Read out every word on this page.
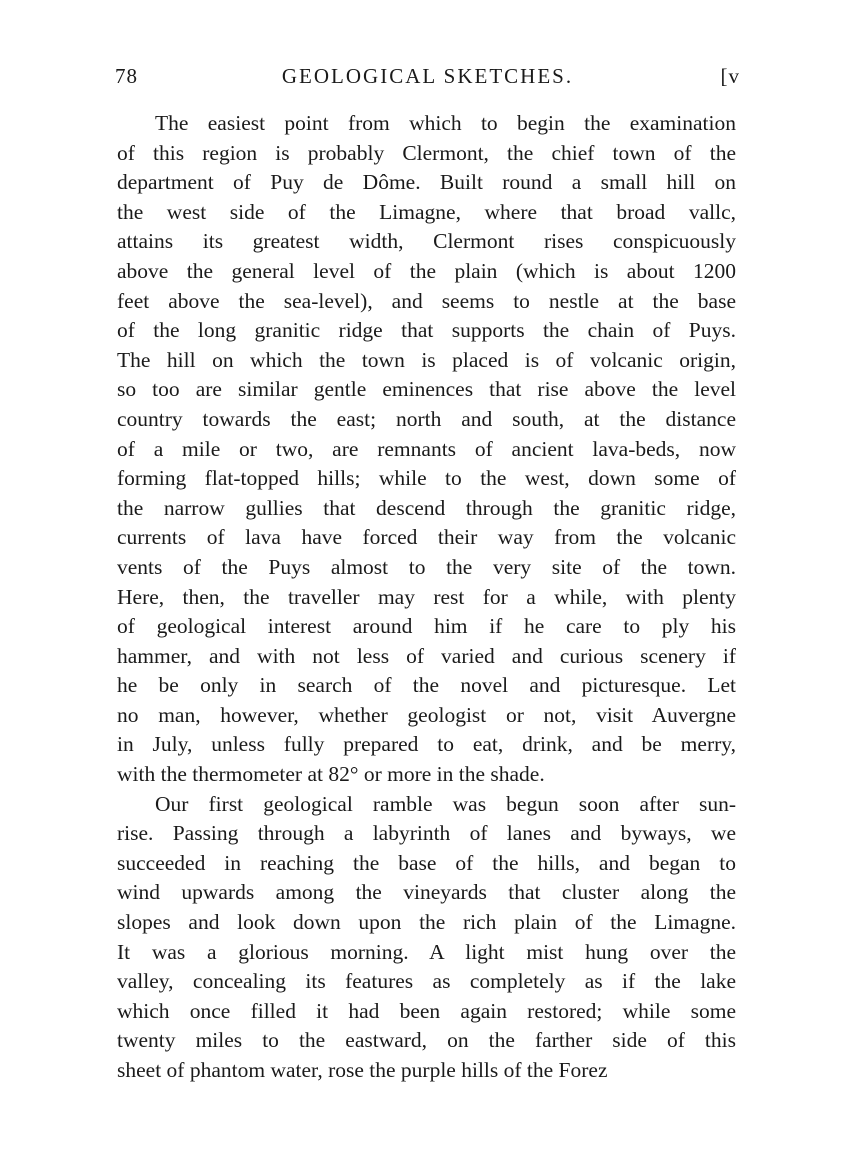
78	GEOLOGICAL SKETCHES.	[v
The easiest point from which to begin the examination
of this region is probably Clermont, the chief town of the
department of Puy de Dôme. Built round a small hill on
the west side of the Limagne, where that broad vallc,
attains its greatest width, Clermont rises conspicuously
above the general level of the plain (which is about 1200
feet above the sea-level), and seems to nestle at the base
of the long granitic ridge that supports the chain of Puys.
The hill on which the town is placed is of volcanic origin,
so too are similar gentle eminences that rise above the level
country towards the east; north and south, at the distance
of a mile or two, are remnants of ancient lava-beds, now
forming flat-topped hills; while to the west, down some of
the narrow gullies that descend through the granitic ridge,
currents of lava have forced their way from the volcanic
vents of the Puys almost to the very site of the town.
Here, then, the traveller may rest for a while, with plenty
of geological interest around him if he care to ply his
hammer, and with not less of varied and curious scenery if
he be only in search of the novel and picturesque. Let
no man, however, whether geologist or not, visit Auvergne
in July, unless fully prepared to eat, drink, and be merry,
with the thermometer at 82° or more in the shade.
Our first geological ramble was begun soon after sun-
rise. Passing through a labyrinth of lanes and byways, we
succeeded in reaching the base of the hills, and began to
wind upwards among the vineyards that cluster along the
slopes and look down upon the rich plain of the Limagne.
It was a glorious morning. A light mist hung over the
valley, concealing its features as completely as if the lake
which once filled it had been again restored; while some
twenty miles to the eastward, on the farther side of this
sheet of phantom water, rose the purple hills of the Forez
